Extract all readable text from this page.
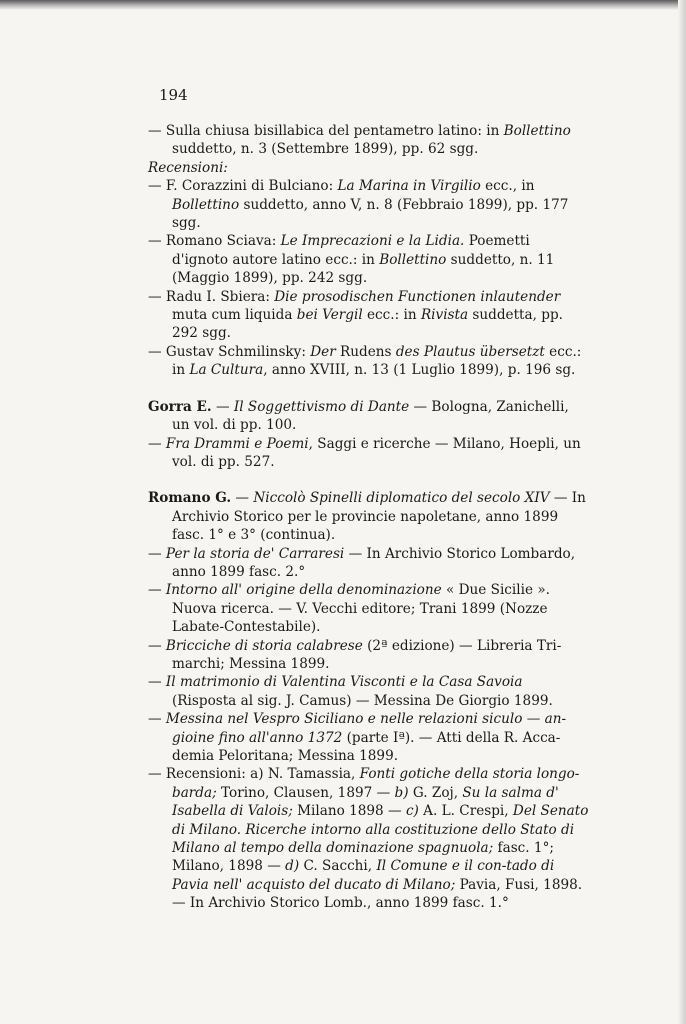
194

— Sulla chiusa bisillabica del pentametro latino: in Bollettino suddetto, n. 3 (Settembre 1899), pp. 62 sgg.

Recensioni:

— F. Corazzini di Bulciano: La Marina in Virgilio ecc., in Bollettino suddetto, anno V, n. 8 (Febbraio 1899), pp. 177 sgg.

— Romano Sciava: Le Imprecazioni e la Lidia. Poemetti d'ignoto autore latino ecc.: in Bollettino suddetto, n. 11 (Maggio 1899), pp. 242 sgg.

— Radu I. Sbiera: Die prosodischen Functionen inlautender muta cum liquida bei Vergil ecc.: in Rivista suddetta, pp. 292 sgg.

— Gustav Schmilinsky: Der Rudens des Plautus übersetzt ecc.: in La Cultura, anno XVIII, n. 13 (1 Luglio 1899), p. 196 sg.

Gorra E. — Il Soggettivismo di Dante — Bologna, Zanichelli, un vol. di pp. 100.

— Fra Drammi e Poemi, Saggi e ricerche — Milano, Hoepli, un vol. di pp. 527.

Romano G. — Niccolò Spinelli diplomatico del secolo XIV — In Archivio Storico per le provincie napoletane, anno 1899 fasc. 1° e 3° (continua).

— Per la storia de' Carraresi — In Archivio Storico Lombardo, anno 1899 fasc. 2.°

— Intorno all' origine della denominazione « Due Sicilie ». Nuova ricerca. — V. Vecchi editore; Trani 1899 (Nozze Labate-Contestabile).

— Bricciche di storia calabrese (2ª edizione) — Libreria Tri-marchi; Messina 1899.

— Il matrimonio di Valentina Visconti e la Casa Savoia (Risposta al sig. J. Camus) — Messina De Giorgio 1899.

— Messina nel Vespro Siciliano e nelle relazioni siculo — an-gioine fino all'anno 1372 (parte Iª). — Atti della R. Acca-demia Peloritana; Messina 1899.

— Recensioni: a) N. Tamassia, Fonti gotiche della storia longo-barda; Torino, Clausen, 1897 — b) G. Zoj, Su la salma d' Isabella di Valois; Milano 1898 — c) A. L. Crespi, Del Senato di Milano. Ricerche intorno alla costituzione dello Stato di Milano al tempo della dominazione spagnuola; fasc. 1°; Milano, 1898 — d) C. Sacchi, Il Comune e il con-tado di Pavia nell' acquisto del ducato di Milano; Pavia, Fusi, 1898. — In Archivio Storico Lomb., anno 1899 fasc. 1.°
